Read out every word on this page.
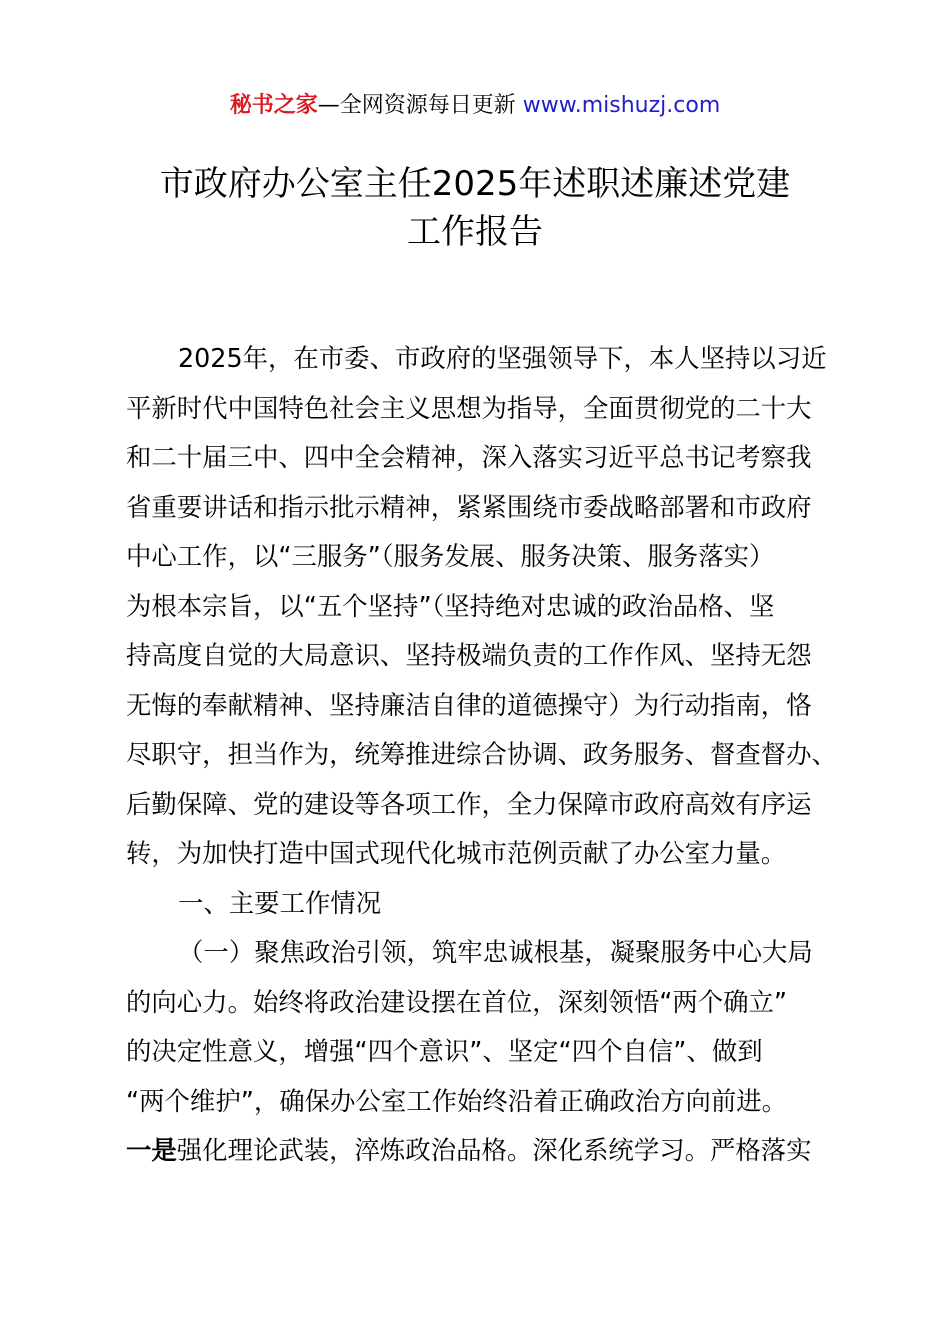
秘书之家—全网资源每日更新 www.mishuzj.com
市政府办公室主任2025年述职述廉述党建
工作报告

2025年，在市委、市政府的坚强领导下，本人坚持以习近

平新时代中国特色社会主义思想为指导，全面贯彻党的二十大

和二十届三中、四中全会精神，深入落实习近平总书记考察我

省重要讲话和指示批示精神，紧紧围绕市委战略部署和市政府

中心工作，以“三服务”（服务发展、服务决策、服务落实）

为根本宗旨，以“五个坚持”（坚持绝对忠诚的政治品格、坚

持高度自觉的大局意识、坚持极端负责的工作作风、坚持无怨

无悔的奉献精神、坚持廉洁自律的道德操守）为行动指南，恪

尽职守，担当作为，统筹推进综合协调、政务服务、督查督办、

后勤保障、党的建设等各项工作，全力保障市政府高效有序运

转，为加快打造中国式现代化城市范例贡献了办公室力量。

一、主要工作情况

（一）聚焦政治引领，筑牢忠诚根基，凝聚服务中心大局

的向心力。始终将政治建设摆在首位，深刻领悟“两个确立”

的决定性意义，增强“四个意识”、坚定“四个自信”、做到

“两个维护”，确保办公室工作始终沿着正确政治方向前进。

一是强化理论武装，淬炼政治品格。深化系统学习。严格落实
